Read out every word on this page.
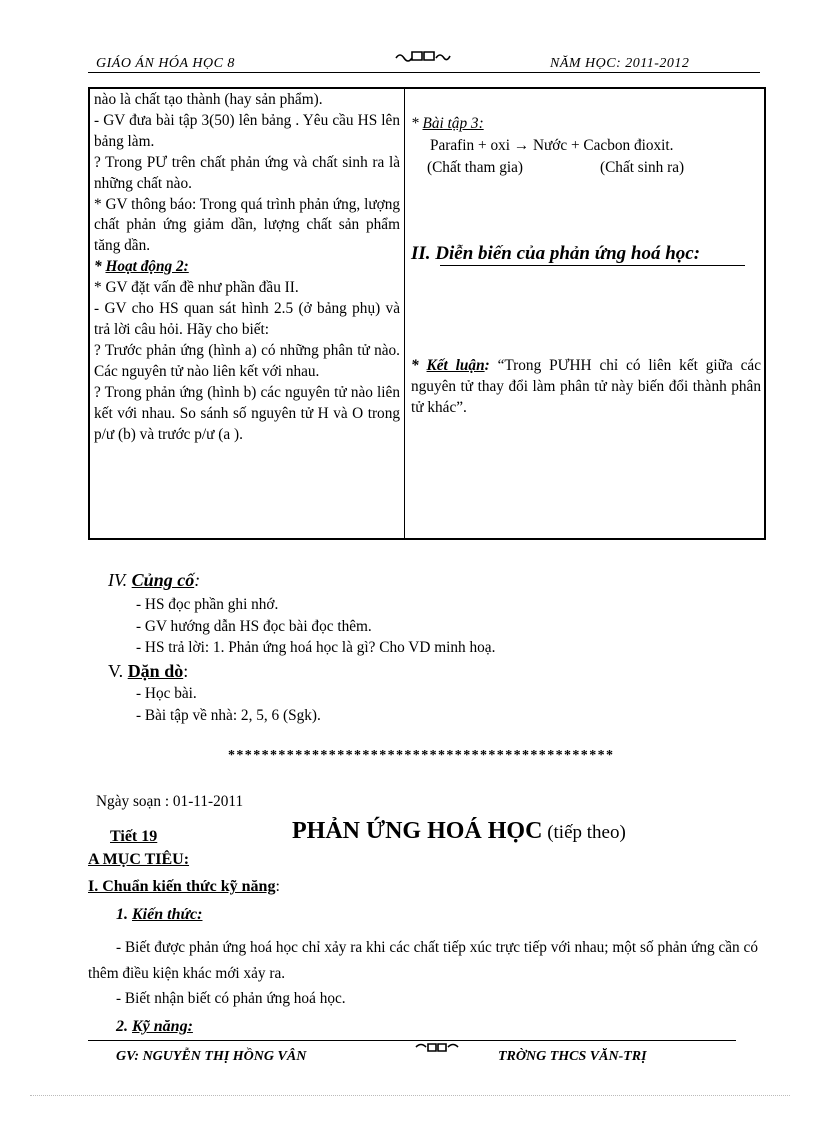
GIÁO ÁN HÓA HỌC 8	NĂM HỌC: 2011-2012

nào là chất tạo thành (hay sản phẩm).

- GV đưa bài tập 3(50) lên bảng . Yêu cầu HS lên bảng làm.

? Trong PƯ trên chất phản ứng và chất sinh ra là những chất nào.

* GV thông báo: Trong quá trình phản ứng, lượng chất phản ứng giảm dần, lượng chất sản phẩm tăng dần.

* Hoạt động 2:

* GV đặt vấn đề như phần đầu II.

- GV cho HS quan sát hình 2.5 (ở bảng phụ) và trả lời câu hỏi. Hãy cho biết:

? Trước phản ứng (hình a) có những phân tử nào. Các nguyên tử nào liên kết với nhau.

? Trong phản ứng (hình b) các nguyên tử nào liên kết với nhau. So sánh số nguyên tử H và O trong p/ư (b) và trước p/ư (a ).

* Bài tập 3:
Parafin + oxi → Nước + Cacbon đioxit.
(Chất tham gia)	(Chất sinh ra)
II. Diễn biến của phản ứng hoá học:
* Kết luận: “Trong PƯHH chỉ có liên kết giữa các nguyên tử thay đổi làm phân tử này biến đổi thành phân tử khác”.
IV. Củng cố:
- HS đọc phần ghi nhớ.
- GV hướng dẫn HS đọc bài đọc thêm.
- HS trả lời: 1. Phản ứng hoá học là gì? Cho VD minh hoạ.
V. Dặn dò:
- Học bài.
- Bài tập về nhà: 2, 5, 6 (Sgk).
**********************************************
Ngày soạn : 01-11-2011
Tiết 19	PHẢN ỨNG HOÁ HỌC (tiếp theo)
A MỤC TIÊU:
I. Chuẩn kiến thức kỹ năng:
1. Kiến thức:
- Biết được phản ứng hoá học chỉ xảy ra khi các chất tiếp xúc trực tiếp với nhau; một số phản ứng cần có thêm điều kiện khác mới xảy ra.
- Biết nhận biết có phản ứng hoá học.
2. Kỹ năng:
GV: NGUYỄN THỊ HỒNG VÂN	TRỜNG THCS VĂN-TRỊ
